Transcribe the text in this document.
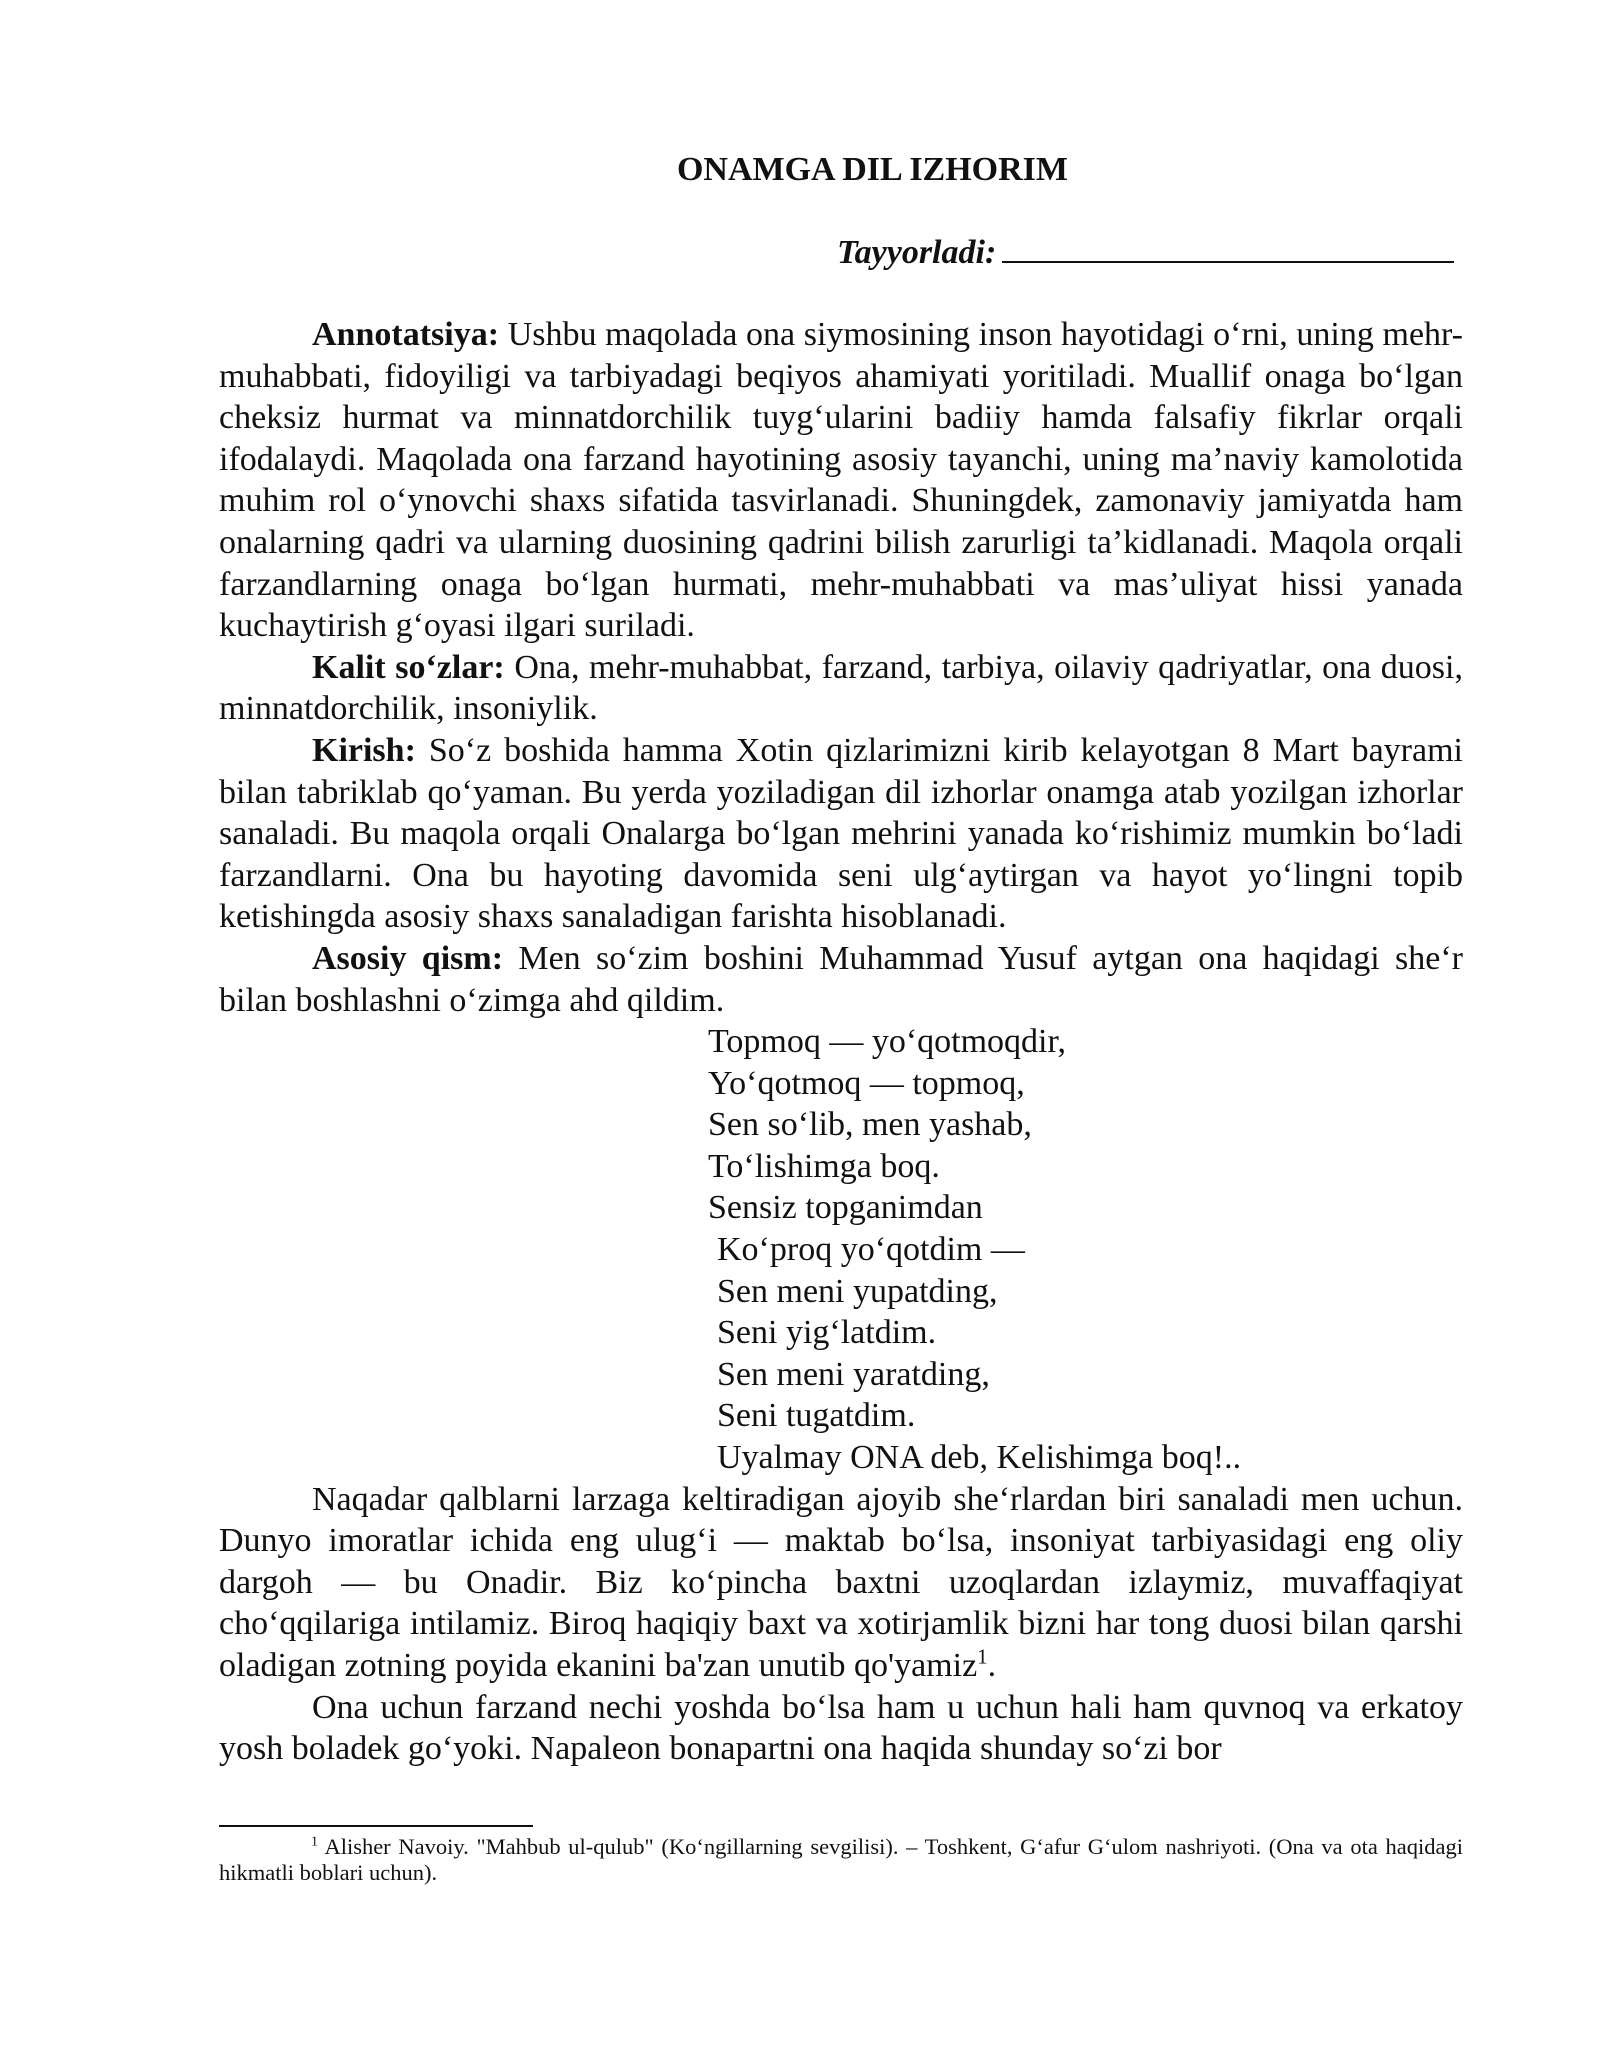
ONAMGA DIL IZHORIM
Tayyorladi:

Annotatsiya: Ushbu maqolada ona siymosining inson hayotidagi o‘rni, uning mehr-muhabbati, fidoyiligi va tarbiyadagi beqiyos ahamiyati yoritiladi. Muallif onaga bo‘lgan cheksiz hurmat va minnatdorchilik tuyg‘ularini badiiy hamda falsafiy fikrlar orqali ifodalaydi. Maqolada ona farzand hayotining asosiy tayanchi, uning ma’naviy kamolotida muhim rol o‘ynovchi shaxs sifatida tasvirlanadi. Shuningdek, zamonaviy jamiyatda ham onalarning qadri va ularning duosining qadrini bilish zarurligi ta’kidlanadi. Maqola orqali farzandlarning onaga bo‘lgan hurmati, mehr-muhabbati va mas’uliyat hissi yanada kuchaytirish g‘oyasi ilgari suriladi.

Kalit so‘zlar: Ona, mehr-muhabbat, farzand, tarbiya, oilaviy qadriyatlar, ona duosi, minnatdorchilik, insoniylik.

Kirish: So‘z boshida hamma Xotin qizlarimizni kirib kelayotgan 8 Mart bayrami bilan tabriklab qo‘yaman. Bu yerda yoziladigan dil izhorlar onamga atab yozilgan izhorlar sanaladi. Bu maqola orqali Onalarga bo‘lgan mehrini yanada ko‘rishimiz mumkin bo‘ladi farzandlarni. Ona bu hayoting davomida seni ulg‘aytirgan va hayot yo‘lingni topib ketishingda asosiy shaxs sanaladigan farishta hisoblanadi.

Asosiy qism: Men so‘zim boshini Muhammad Yusuf aytgan ona haqidagi she‘r bilan boshlashni o‘zimga ahd qildim.

Topmoq — yo‘qotmoqdir,
Yo‘qotmoq — topmoq,
Sen so‘lib, men yashab,
To‘lishimga boq.
Sensiz topganimdan
Ko‘proq yo‘qotdim —
Sen meni yupatding,
Seni yig‘latdim.
Sen meni yaratding,
Seni tugatdim.
Uyalmay ONA deb, Kelishimga boq!..

Naqadar qalblarni larzaga keltiradigan ajoyib she‘rlardan biri sanaladi men uchun. Dunyo imoratlar ichida eng ulug‘i — maktab bo‘lsa, insoniyat tarbiyasidagi eng oliy dargoh — bu Onadir. Biz ko‘pincha baxtni uzoqlardan izlaymiz, muvaffaqiyat cho‘qqilariga intilamiz. Biroq haqiqiy baxt va xotirjamlik bizni har tong duosi bilan qarshi oladigan zotning poyida ekanini ba'zan unutib qo'yamiz$^1$.

Ona uchun farzand nechi yoshda bo‘lsa ham u uchun hali ham quvnoq va erkatoy yosh boladek go‘yoki. Napaleon bonapartni ona haqida shunday so‘zi bor

$^1$ Alisher Navoiy. "Mahbub ul-qulub" (Ko‘ngillarning sevgilisi). – Toshkent, G‘afur G‘ulom nashriyoti. (Ona va ota haqidagi hikmatli boblari uchun).
